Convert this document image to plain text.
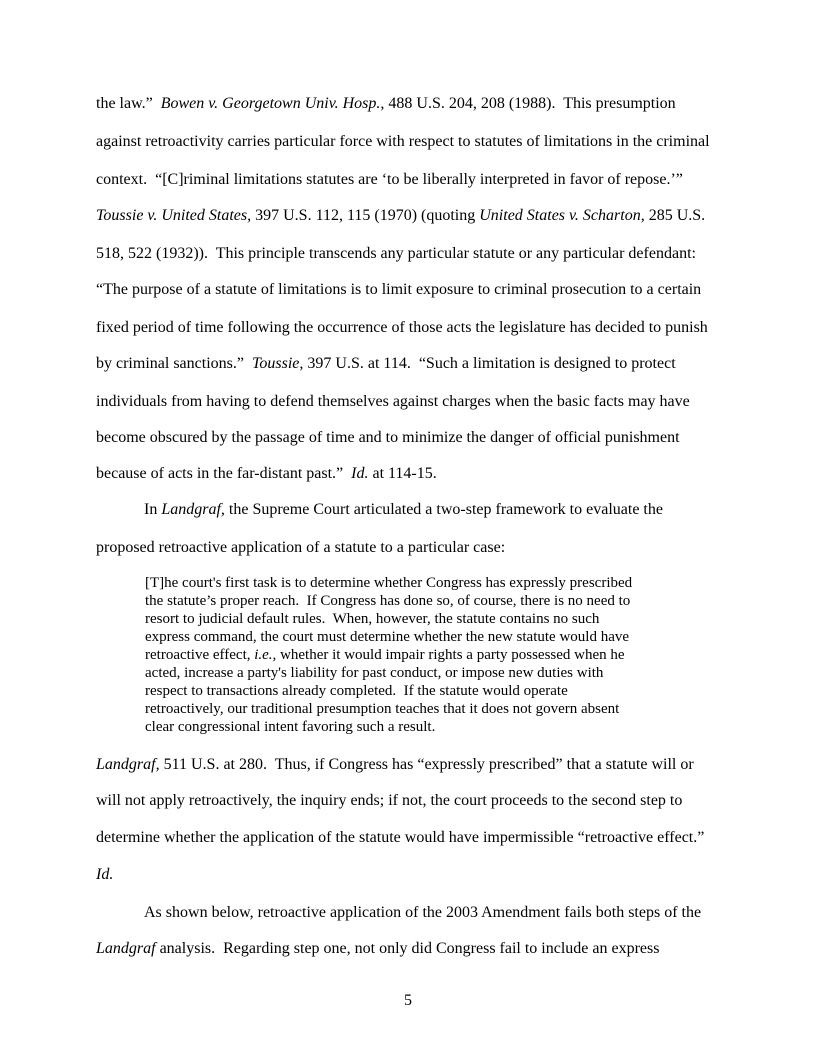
the law.”  Bowen v. Georgetown Univ. Hosp., 488 U.S. 204, 208 (1988).  This presumption
against retroactivity carries particular force with respect to statutes of limitations in the criminal
context.  “[C]riminal limitations statutes are ‘to be liberally interpreted in favor of repose.’”
Toussie v. United States, 397 U.S. 112, 115 (1970) (quoting United States v. Scharton, 285 U.S.
518, 522 (1932)).  This principle transcends any particular statute or any particular defendant:
“The purpose of a statute of limitations is to limit exposure to criminal prosecution to a certain
fixed period of time following the occurrence of those acts the legislature has decided to punish
by criminal sanctions.”  Toussie, 397 U.S. at 114.  “Such a limitation is designed to protect
individuals from having to defend themselves against charges when the basic facts may have
become obscured by the passage of time and to minimize the danger of official punishment
because of acts in the far-distant past.”  Id. at 114-15.
In Landgraf, the Supreme Court articulated a two-step framework to evaluate the
proposed retroactive application of a statute to a particular case:
Landgraf, 511 U.S. at 280.  Thus, if Congress has “expressly prescribed” that a statute will or
will not apply retroactively, the inquiry ends; if not, the court proceeds to the second step to
determine whether the application of the statute would have impermissible “retroactive effect.”
Id.
As shown below, retroactive application of the 2003 Amendment fails both steps of the
Landgraf analysis.  Regarding step one, not only did Congress fail to include an express
[T]he court's first task is to determine whether Congress has expressly prescribed
the statute’s proper reach.  If Congress has done so, of course, there is no need to
resort to judicial default rules.  When, however, the statute contains no such
express command, the court must determine whether the new statute would have
retroactive effect, i.e., whether it would impair rights a party possessed when he
acted, increase a party's liability for past conduct, or impose new duties with
respect to transactions already completed.  If the statute would operate
retroactively, our traditional presumption teaches that it does not govern absent
clear congressional intent favoring such a result.
5
